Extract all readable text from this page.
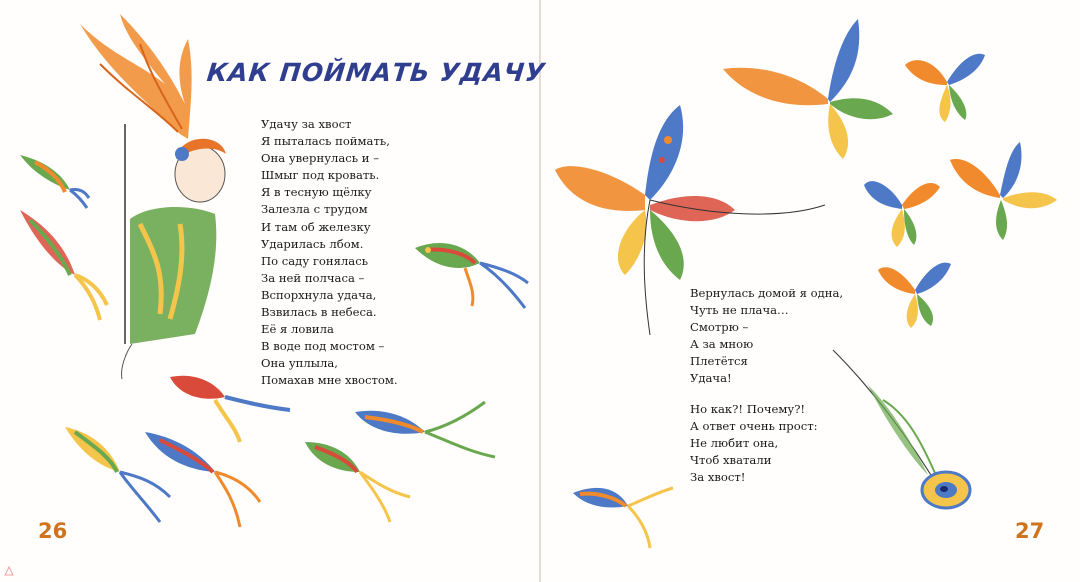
КАК ПОЙМАТЬ УДАЧУ
Удачу за хвост
Я пыталась поймать,
Она увернулась и –
Шмыг под кровать.
Я в тесную щёлку
Залезла с трудом
И там об железку
Ударилась лбом.
По саду гонялась
За ней полчаса –
Вспорхнула удача,
Взвилась в небеса.
Её я ловила
В воде под мостом –
Она уплыла,
Помахав мне хвостом.
26
Вернулась домой я одна,
Чуть не плача…
Смотрю –
А за мною
Плетётся
Удача!
Но как?! Почему?!
А ответ очень прост:
Не любит она,
Чтоб хватали
За хвост!
27
